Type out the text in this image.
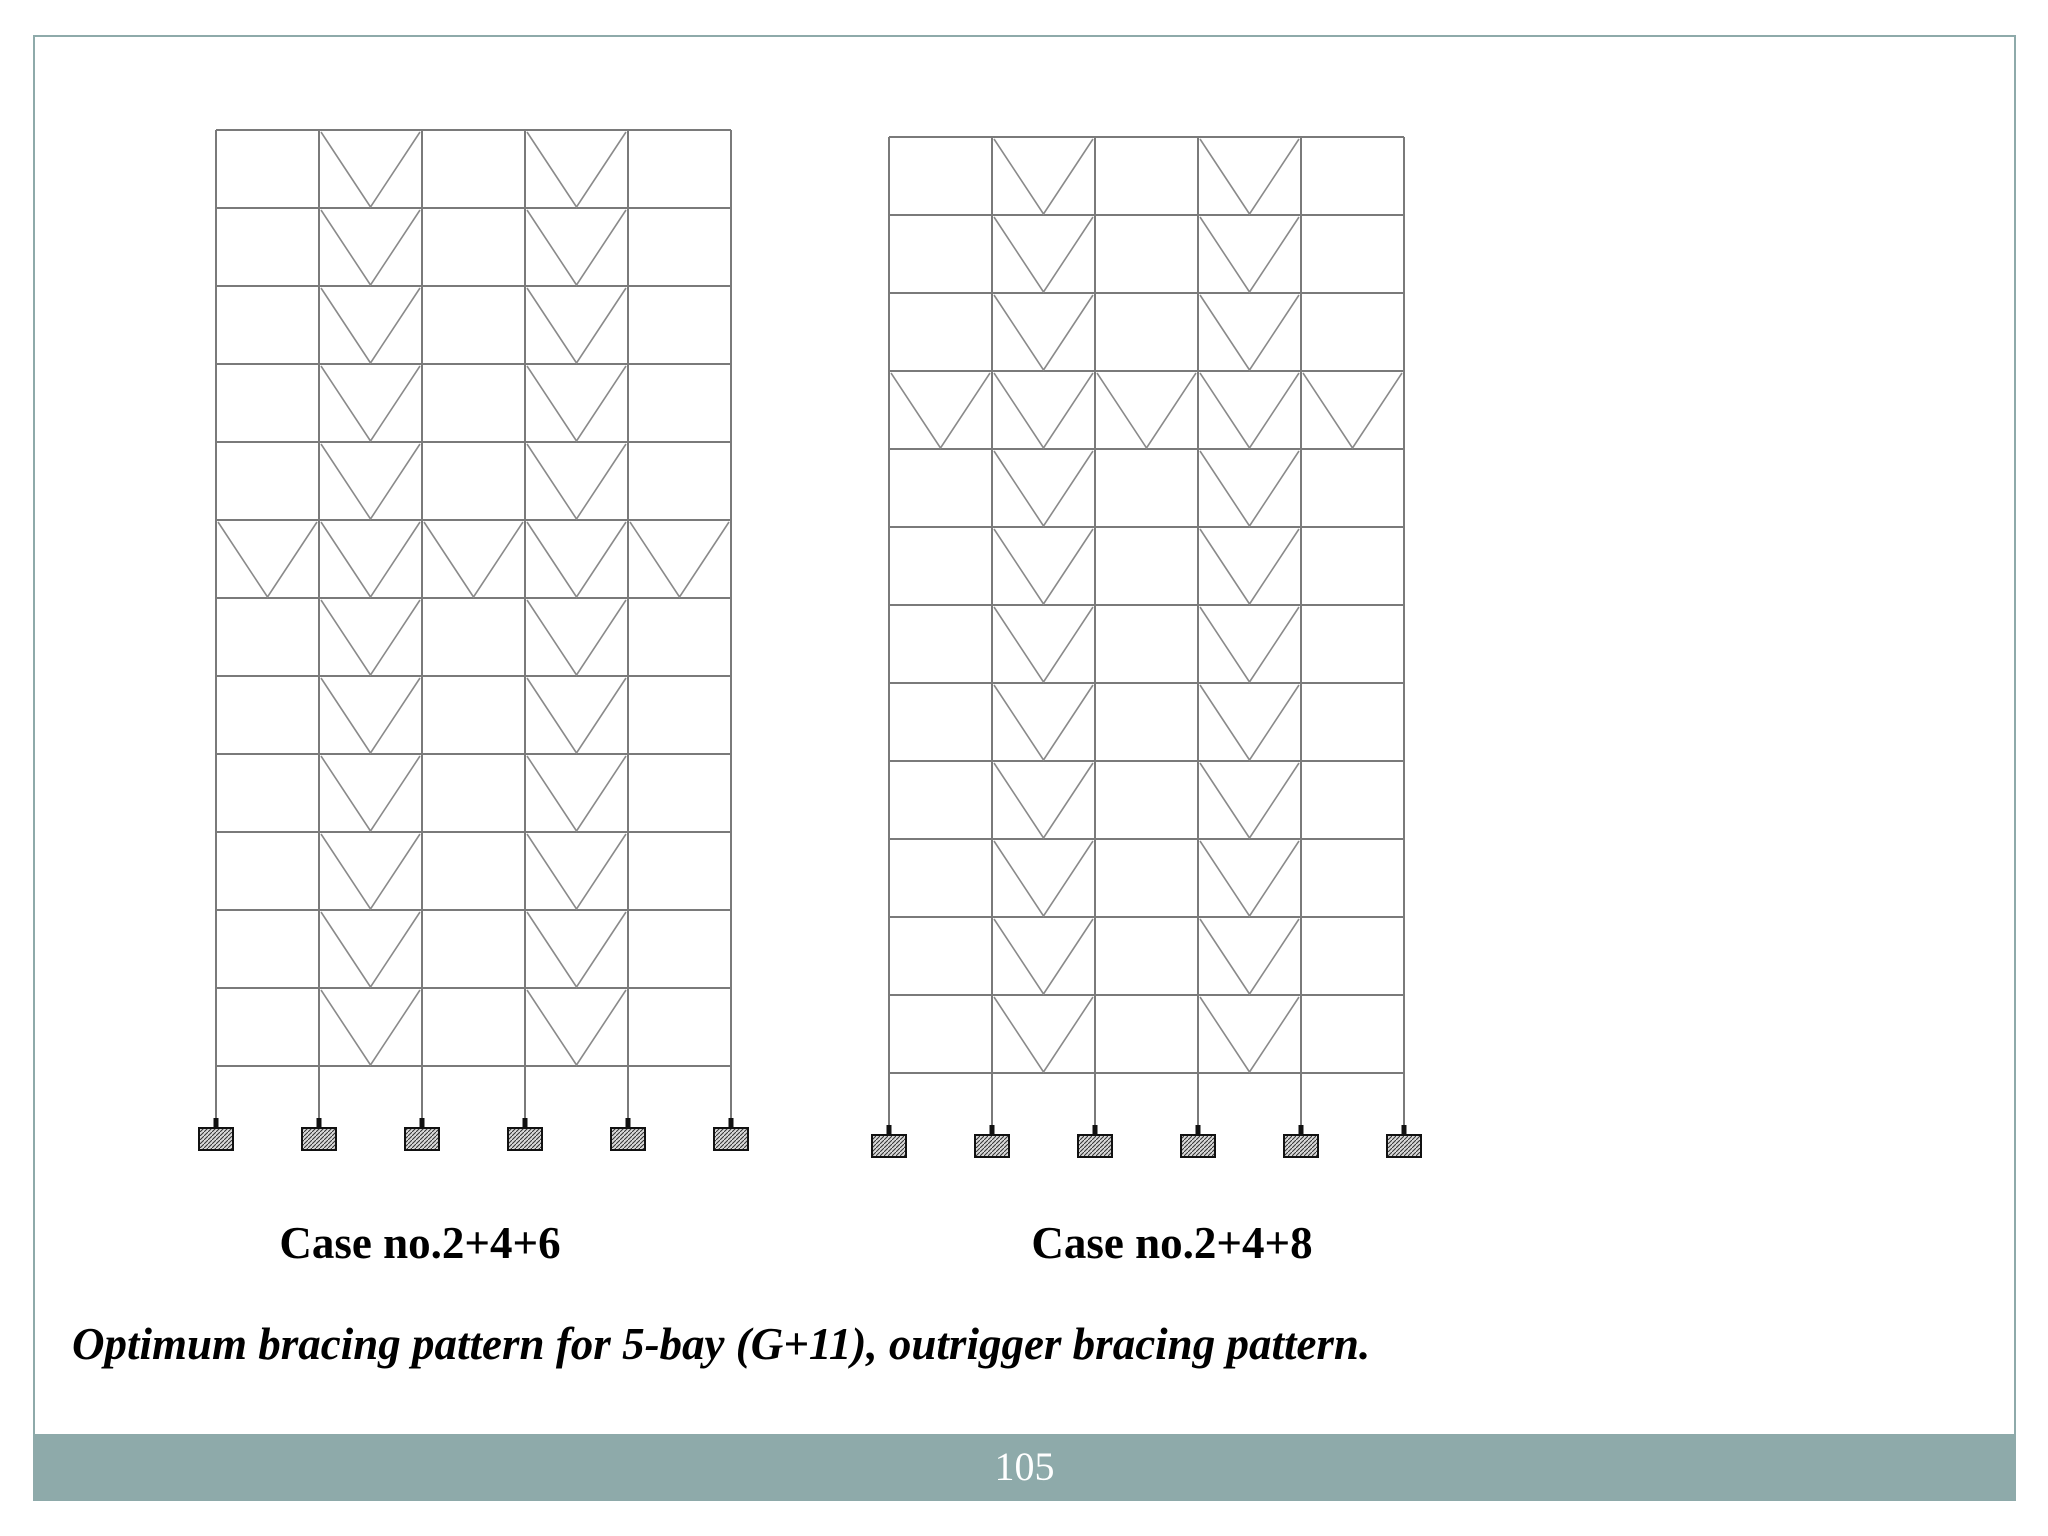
Case no.2+4+6	Case no.2+4+8
Optimum bracing pattern for 5-bay (G+11), outrigger bracing pattern.
105
